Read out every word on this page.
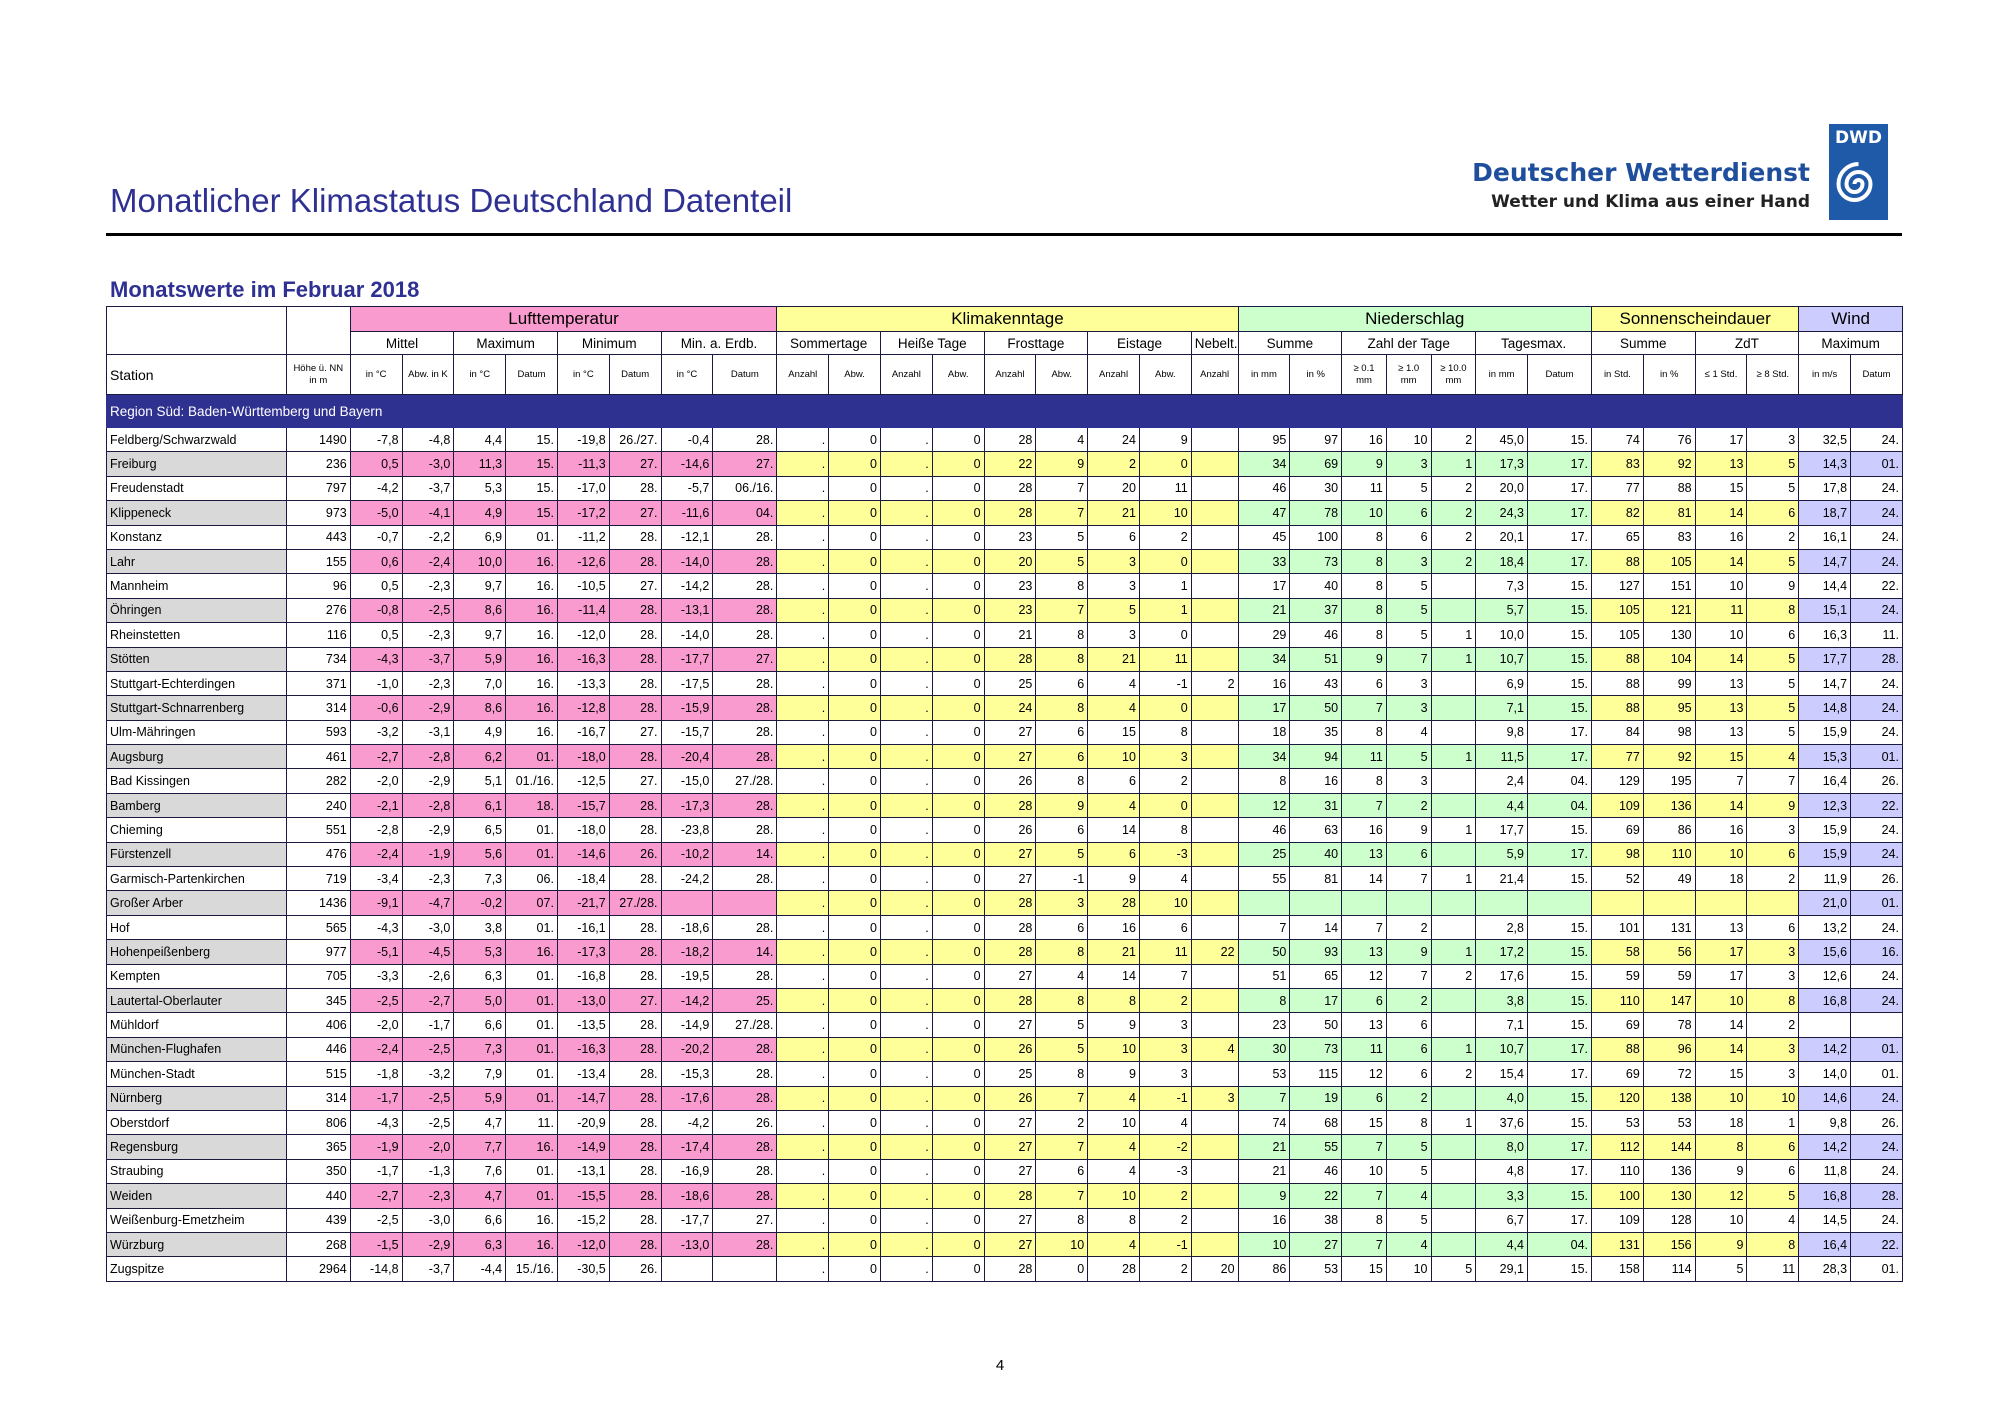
Monatlicher Klimastatus Deutschland Datenteil
Deutscher Wetterdienst
Wetter und Klima aus einer Hand
DWD
Monatswerte im Februar 2018
		Lufttemperatur								Klimakenntage									Niederschlag							Sonnenscheindauer				Wind	
		Mittel		Maximum		Minimum		Min. a. Erdb.		Sommertage		Heiße Tage		Frosttage		Eistage		Nebelt.	Summe		Zahl der Tage			Tagesmax.		Summe		ZdT		Maximum	
Station	Höhe ü. NN in m	in °C	Abw. in K	in °C	Datum	in °C	Datum	in °C	Datum	Anzahl	Abw.	Anzahl	Abw.	Anzahl	Abw.	Anzahl	Abw.	Anzahl	in mm	in %	≥ 0.1 mm	≥ 1.0 mm	≥ 10.0 mm	in mm	Datum	in Std.	in %	≤ 1 Std.	≥ 8 Std.	in m/s	Datum
Region Süd: Baden-Württemberg und Bayern																															
Feldberg/Schwarzwald	1490	-7,8	-4,8	4,4	15.	-19,8	26./27.	-0,4	28.	.	0	.	0	28	4	24	9		95	97	16	10	2	45,0	15.	74	76	17	3	32,5	24.
Freiburg	236	0,5	-3,0	11,3	15.	-11,3	27.	-14,6	27.	.	0	.	0	22	9	2	0		34	69	9	3	1	17,3	17.	83	92	13	5	14,3	01.
Freudenstadt	797	-4,2	-3,7	5,3	15.	-17,0	28.	-5,7	06./16.	.	0	.	0	28	7	20	11		46	30	11	5	2	20,0	17.	77	88	15	5	17,8	24.
Klippeneck	973	-5,0	-4,1	4,9	15.	-17,2	27.	-11,6	04.	.	0	.	0	28	7	21	10		47	78	10	6	2	24,3	17.	82	81	14	6	18,7	24.
Konstanz	443	-0,7	-2,2	6,9	01.	-11,2	28.	-12,1	28.	.	0	.	0	23	5	6	2		45	100	8	6	2	20,1	17.	65	83	16	2	16,1	24.
Lahr	155	0,6	-2,4	10,0	16.	-12,6	28.	-14,0	28.	.	0	.	0	20	5	3	0		33	73	8	3	2	18,4	17.	88	105	14	5	14,7	24.
Mannheim	96	0,5	-2,3	9,7	16.	-10,5	27.	-14,2	28.	.	0	.	0	23	8	3	1		17	40	8	5		7,3	15.	127	151	10	9	14,4	22.
Öhringen	276	-0,8	-2,5	8,6	16.	-11,4	28.	-13,1	28.	.	0	.	0	23	7	5	1		21	37	8	5		5,7	15.	105	121	11	8	15,1	24.
Rheinstetten	116	0,5	-2,3	9,7	16.	-12,0	28.	-14,0	28.	.	0	.	0	21	8	3	0		29	46	8	5	1	10,0	15.	105	130	10	6	16,3	11.
Stötten	734	-4,3	-3,7	5,9	16.	-16,3	28.	-17,7	27.	.	0	.	0	28	8	21	11		34	51	9	7	1	10,7	15.	88	104	14	5	17,7	28.
Stuttgart-Echterdingen	371	-1,0	-2,3	7,0	16.	-13,3	28.	-17,5	28.	.	0	.	0	25	6	4	-1	2	16	43	6	3		6,9	15.	88	99	13	5	14,7	24.
Stuttgart-Schnarrenberg	314	-0,6	-2,9	8,6	16.	-12,8	28.	-15,9	28.	.	0	.	0	24	8	4	0		17	50	7	3		7,1	15.	88	95	13	5	14,8	24.
Ulm-Mähringen	593	-3,2	-3,1	4,9	16.	-16,7	27.	-15,7	28.	.	0	.	0	27	6	15	8		18	35	8	4		9,8	17.	84	98	13	5	15,9	24.
Augsburg	461	-2,7	-2,8	6,2	01.	-18,0	28.	-20,4	28.	.	0	.	0	27	6	10	3		34	94	11	5	1	11,5	17.	77	92	15	4	15,3	01.
Bad Kissingen	282	-2,0	-2,9	5,1	01./16.	-12,5	27.	-15,0	27./28.	.	0	.	0	26	8	6	2		8	16	8	3		2,4	04.	129	195	7	7	16,4	26.
Bamberg	240	-2,1	-2,8	6,1	18.	-15,7	28.	-17,3	28.	.	0	.	0	28	9	4	0		12	31	7	2		4,4	04.	109	136	14	9	12,3	22.
Chieming	551	-2,8	-2,9	6,5	01.	-18,0	28.	-23,8	28.	.	0	.	0	26	6	14	8		46	63	16	9	1	17,7	15.	69	86	16	3	15,9	24.
Fürstenzell	476	-2,4	-1,9	5,6	01.	-14,6	26.	-10,2	14.	.	0	.	0	27	5	6	-3		25	40	13	6		5,9	17.	98	110	10	6	15,9	24.
Garmisch-Partenkirchen	719	-3,4	-2,3	7,3	06.	-18,4	28.	-24,2	28.	.	0	.	0	27	-1	9	4		55	81	14	7	1	21,4	15.	52	49	18	2	11,9	26.
Großer Arber	1436	-9,1	-4,7	-0,2	07.	-21,7	27./28.			.	0	.	0	28	3	28	10													21,0	01.
Hof	565	-4,3	-3,0	3,8	01.	-16,1	28.	-18,6	28.	.	0	.	0	28	6	16	6		7	14	7	2		2,8	15.	101	131	13	6	13,2	24.
Hohenpeißenberg	977	-5,1	-4,5	5,3	16.	-17,3	28.	-18,2	14.	.	0	.	0	28	8	21	11	22	50	93	13	9	1	17,2	15.	58	56	17	3	15,6	16.
Kempten	705	-3,3	-2,6	6,3	01.	-16,8	28.	-19,5	28.	.	0	.	0	27	4	14	7		51	65	12	7	2	17,6	15.	59	59	17	3	12,6	24.
Lautertal-Oberlauter	345	-2,5	-2,7	5,0	01.	-13,0	27.	-14,2	25.	.	0	.	0	28	8	8	2		8	17	6	2		3,8	15.	110	147	10	8	16,8	24.
Mühldorf	406	-2,0	-1,7	6,6	01.	-13,5	28.	-14,9	27./28.	.	0	.	0	27	5	9	3		23	50	13	6		7,1	15.	69	78	14	2		
München-Flughafen	446	-2,4	-2,5	7,3	01.	-16,3	28.	-20,2	28.	.	0	.	0	26	5	10	3	4	30	73	11	6	1	10,7	17.	88	96	14	3	14,2	01.
München-Stadt	515	-1,8	-3,2	7,9	01.	-13,4	28.	-15,3	28.	.	0	.	0	25	8	9	3		53	115	12	6	2	15,4	17.	69	72	15	3	14,0	01.
Nürnberg	314	-1,7	-2,5	5,9	01.	-14,7	28.	-17,6	28.	.	0	.	0	26	7	4	-1	3	7	19	6	2		4,0	15.	120	138	10	10	14,6	24.
Oberstdorf	806	-4,3	-2,5	4,7	11.	-20,9	28.	-4,2	26.	.	0	.	0	27	2	10	4		74	68	15	8	1	37,6	15.	53	53	18	1	9,8	26.
Regensburg	365	-1,9	-2,0	7,7	16.	-14,9	28.	-17,4	28.	.	0	.	0	27	7	4	-2		21	55	7	5		8,0	17.	112	144	8	6	14,2	24.
Straubing	350	-1,7	-1,3	7,6	01.	-13,1	28.	-16,9	28.	.	0	.	0	27	6	4	-3		21	46	10	5		4,8	17.	110	136	9	6	11,8	24.
Weiden	440	-2,7	-2,3	4,7	01.	-15,5	28.	-18,6	28.	.	0	.	0	28	7	10	2		9	22	7	4		3,3	15.	100	130	12	5	16,8	28.
Weißenburg-Emetzheim	439	-2,5	-3,0	6,6	16.	-15,2	28.	-17,7	27.	.	0	.	0	27	8	8	2		16	38	8	5		6,7	17.	109	128	10	4	14,5	24.
Würzburg	268	-1,5	-2,9	6,3	16.	-12,0	28.	-13,0	28.	.	0	.	0	27	10	4	-1		10	27	7	4		4,4	04.	131	156	9	8	16,4	22.
Zugspitze	2964	-14,8	-3,7	-4,4	15./16.	-30,5	26.			.	0	.	0	28	0	28	2	20	86	53	15	10	5	29,1	15.	158	114	5	11	28,3	01.
4
